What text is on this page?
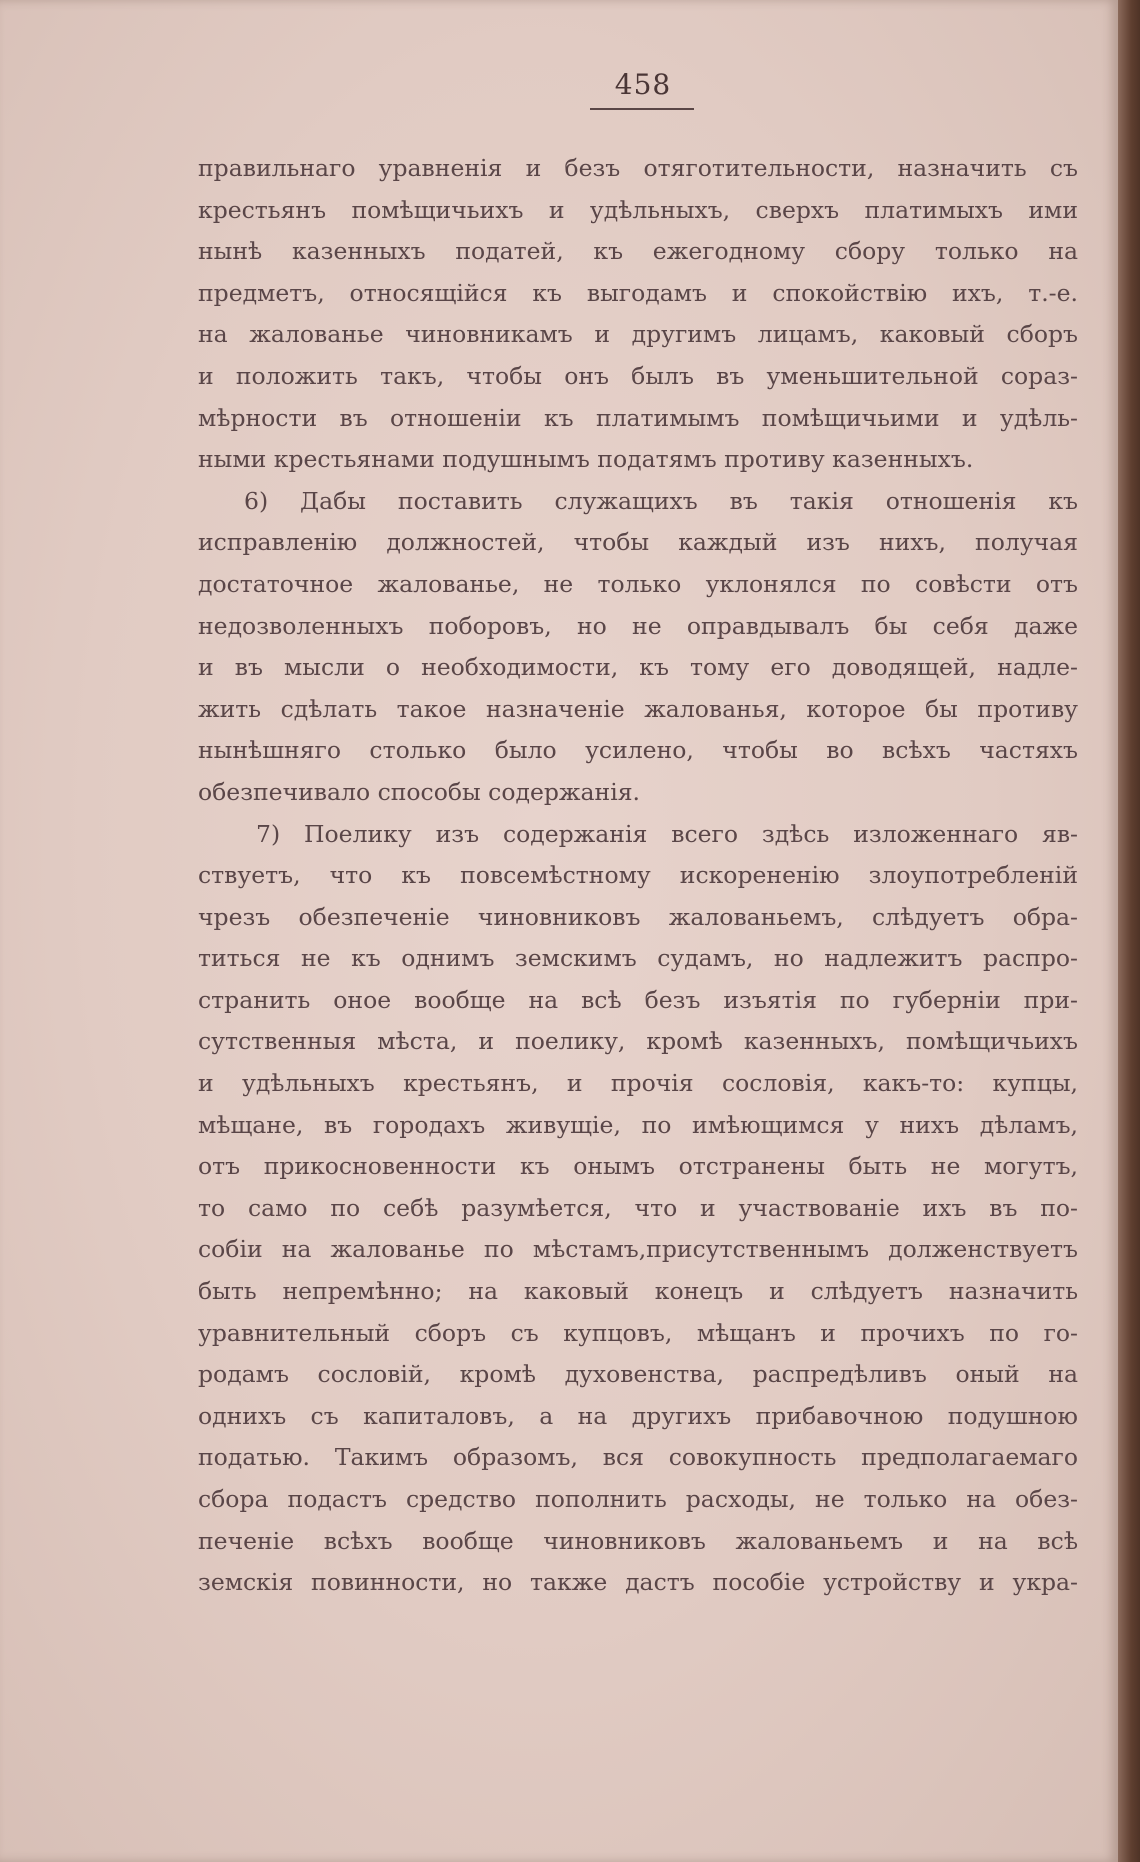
458
правильнаго уравненія и безъ отяготительности, назначить съ
крестьянъ помѣщичьихъ и удѣльныхъ, сверхъ платимыхъ ими
нынѣ казенныхъ податей, къ ежегодному сбору только на
предметъ, относящійся къ выгодамъ и спокойствію ихъ, т.-е.
на жалованье чиновникамъ и другимъ лицамъ, каковый сборъ
и положить такъ, чтобы онъ былъ въ уменьшительной сораз-
мѣрности въ отношеніи къ платимымъ помѣщичьими и удѣль-
ными крестьянами подушнымъ податямъ противу казенныхъ.
6) Дабы поставить служащихъ въ такія отношенія къ
исправленію должностей, чтобы каждый изъ нихъ, получая
достаточное жалованье, не только уклонялся по совѣсти отъ
недозволенныхъ поборовъ, но не оправдывалъ бы себя даже
и въ мысли о необходимости, къ тому его доводящей, надле-
жить сдѣлать такое назначеніе жалованья, которое бы противу
нынѣшняго столько было усилено, чтобы во всѣхъ частяхъ
обезпечивало способы содержанія.
7) Поелику изъ содержанія всего здѣсь изложеннаго яв-
ствуетъ, что къ повсемѣстному искорененію злоупотребленій
чрезъ обезпеченіе чиновниковъ жалованьемъ, слѣдуетъ обра-
титься не къ однимъ земскимъ судамъ, но надлежитъ распро-
странить оное вообще на всѣ безъ изъятія по губерніи при-
сутственныя мѣста, и поелику, кромѣ казенныхъ, помѣщичьихъ
и удѣльныхъ крестьянъ, и прочія сословія, какъ-то: купцы,
мѣщане, въ городахъ живущіе, по имѣющимся у нихъ дѣламъ,
отъ прикосновенности къ онымъ отстранены быть не могутъ,
то само по себѣ разумѣется, что и участвованіе ихъ въ по-
собіи на жалованье по мѣстамъ,присутственнымъ долженствуетъ
быть непремѣнно; на каковый конецъ и слѣдуетъ назначить
уравнительный сборъ съ купцовъ, мѣщанъ и прочихъ по го-
родамъ сословій, кромѣ духовенства, распредѣливъ оный на
однихъ съ капиталовъ, а на другихъ прибавочною подушною
податью. Такимъ образомъ, вся совокупность предполагаемаго
сбора подастъ средство пополнить расходы, не только на обез-
печеніе всѣхъ вообще чиновниковъ жалованьемъ и на всѣ
земскія повинности, но также дастъ пособіе устройству и укра-
